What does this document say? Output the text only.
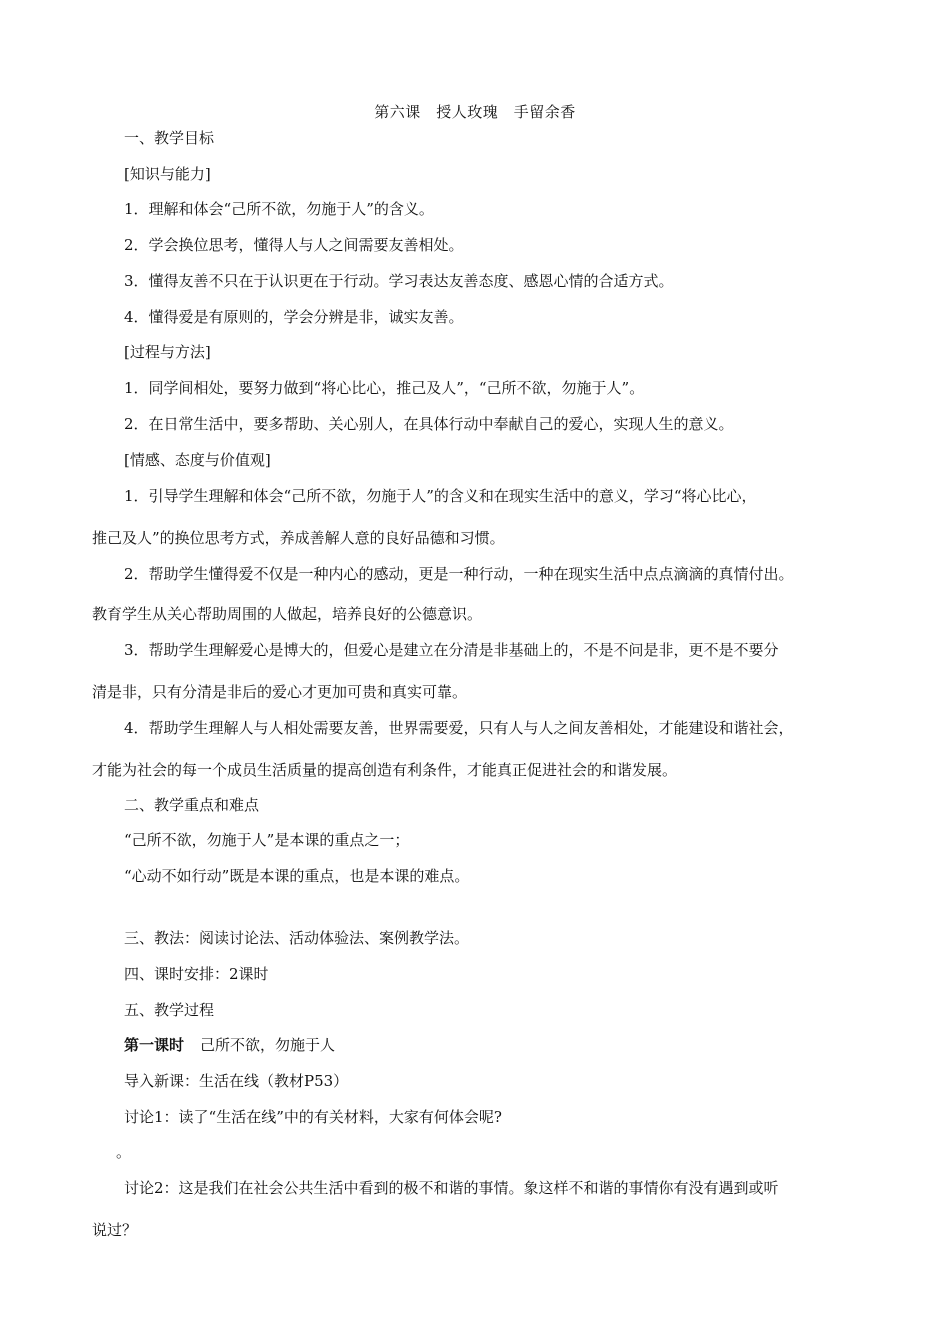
第六课　授人玫瑰　手留余香
一、教学目标
[知识与能力]
1．理解和体会“己所不欲，勿施于人”的含义。
2．学会换位思考，懂得人与人之间需要友善相处。
3．懂得友善不只在于认识更在于行动。学习表达友善态度、感恩心情的合适方式。
4．懂得爱是有原则的，学会分辨是非，诚实友善。
[过程与方法]
1．同学间相处，要努力做到“将心比心，推己及人”，“己所不欲，勿施于人”。
2．在日常生活中，要多帮助、关心别人，在具体行动中奉献自己的爱心，实现人生的意义。
[情感、态度与价值观]
1．引导学生理解和体会“己所不欲，勿施于人”的含义和在现实生活中的意义，学习“将心比心，
推己及人”的换位思考方式，养成善解人意的良好品德和习惯。
2．帮助学生懂得爱不仅是一种内心的感动，更是一种行动，一种在现实生活中点点滴滴的真情付出。
教育学生从关心帮助周围的人做起，培养良好的公德意识。
3．帮助学生理解爱心是博大的，但爱心是建立在分清是非基础上的，不是不问是非，更不是不要分
清是非，只有分清是非后的爱心才更加可贵和真实可靠。
4．帮助学生理解人与人相处需要友善，世界需要爱，只有人与人之间友善相处，才能建设和谐社会，
才能为社会的每一个成员生活质量的提高创造有利条件，才能真正促进社会的和谐发展。
二、教学重点和难点
“己所不欲，勿施于人”是本课的重点之一；
“心动不如行动”既是本课的重点，也是本课的难点。
三、教法：阅读讨论法、活动体验法、案例教学法。
四、课时安排：2课时
五、教学过程
第一课时 己所不欲，勿施于人
导入新课：生活在线（教材P53）
讨论1：读了“生活在线”中的有关材料，大家有何体会呢?
。
讨论2：这是我们在社会公共生活中看到的极不和谐的事情。象这样不和谐的事情你有没有遇到或听
说过？
